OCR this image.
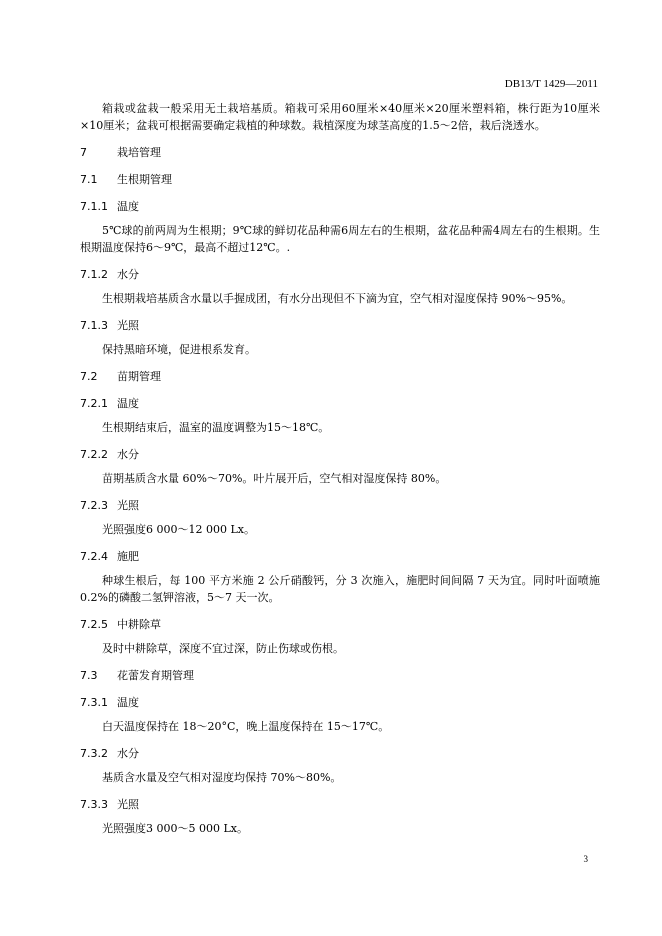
DB13/T 1429—2011

箱栽或盆栽一般采用无土栽培基质。箱栽可采用60厘米×40厘米×20厘米塑料箱，株行距为10厘米×10厘米；盆栽可根据需要确定栽植的种球数。栽植深度为球茎高度的1.5～2倍，栽后浇透水。

7	栽培管理

7.1 生根期管理

7.1.1 温度

5℃球的前两周为生根期；9℃球的鲜切花品种需6周左右的生根期，盆花品种需4周左右的生根期。生根期温度保持6～9℃，最高不超过12℃。.

7.1.2 水分

生根期栽培基质含水量以手握成团，有水分出现但不下滴为宜，空气相对湿度保持 90%～95%。

7.1.3 光照

保持黑暗环境，促进根系发育。

7.2 苗期管理

7.2.1 温度

生根期结束后，温室的温度调整为15～18℃。

7.2.2 水分

苗期基质含水量 60%～70%。叶片展开后，空气相对湿度保持 80%。

7.2.3 光照

光照强度6 000～12 000 Lx。

7.2.4 施肥

种球生根后，每 100 平方米施 2 公斤硝酸钙，分 3 次施入，施肥时间间隔 7 天为宜。同时叶面喷施 0.2%的磷酸二氢钾溶液，5～7 天一次。

7.2.5 中耕除草

及时中耕除草，深度不宜过深，防止伤球或伤根。

7.3 花蕾发育期管理

7.3.1 温度

白天温度保持在 18～20°C，晚上温度保持在 15～17℃。

7.3.2 水分

基质含水量及空气相对湿度均保持 70%～80%。

7.3.3 光照

光照强度3 000～5 000 Lx。

3
